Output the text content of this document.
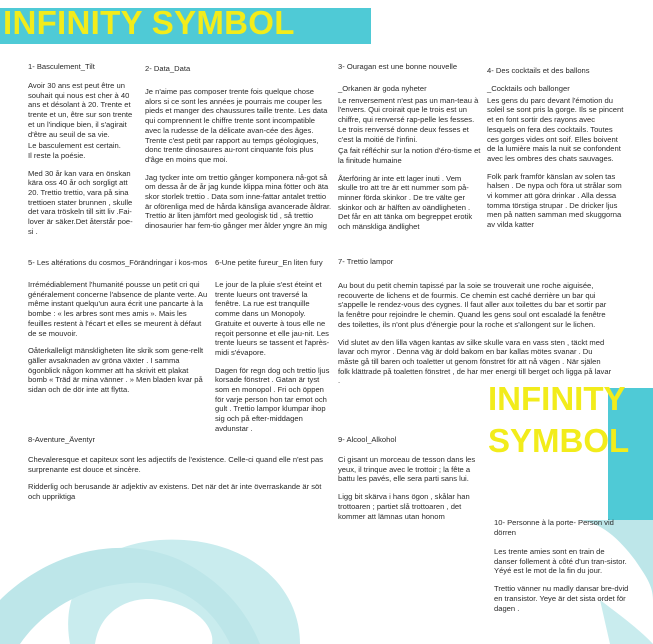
INFINITY SYMBOL
1- Basculement_Tilt

Avoir 30 ans est peut être un souhait qui nous est cher à 40 ans et désolant à 20. Trente et trente et un, être sur son trente et un l'indique bien, il s'agirait d'être au seuil de sa vie.

Le basculement est certain.

Il reste la poésie.

Med 30 år kan vara en önskan kära oss 40 år och sorgligt att 20. Trettio trettio, vara på sina trettioen stater brunnen , skulle det vara tröskeln till sitt liv .Fai-lover är säker.Det återstår poe-si .

2- Data_Data

Je n'aime pas composer trente fois quelque chose alors si ce sont les années je pourrais me couper les pieds et manger des chaussures taille trente. Les data qui comprennent le chiffre trente sont incompatible avec la rudesse de la délicate avan-cée des âges. Trente c'est petit par rapport au temps géologiques, donc trente dinosaures au-ront cinquante fois plus d'âge en moins que moi.

Jag tycker inte om trettio gånger komponera nå-got så om dessa år de år jag kunde klippa mina fötter och äta skor storlek trettio . Data som inne-fattar antalet trettio är oförenliga med de hårda känsliga avancerade åldrar. Trettio är liten jämfört med geologisk tid , så trettio dinosaurier har fem-tio gånger mer ålder yngre än mig

3- Ouragan est une bonne nouvelle

_Orkanen är goda nyheter

Le renversement n'est pas un man-teau à l'envers. Qui croirait que le trois est un chiffre, qui renversé rap-pelle les fesses. Le trois renversé donne deux fesses et c'est la moitié de l'infini.

Ça fait réfléchir sur la notion d'éro-tisme et la finitude humaine

Återföring är inte ett lager inuti . Vem skulle tro att tre är ett nummer som på-minner förda skinkor . De tre välte ger skinkor och är hälften av oändligheten . Det får en att tänka om begreppet erotik och mänskliga ändlighet

4- Des cocktails et des ballons

_Cocktails och ballonger

Les gens du parc devant l'émotion du soleil se sont pris la gorge. Ils se pincent et en font sortir des rayons avec lesquels on fera des cocktails. Toutes ces gorges vides ont soif. Elles boivent de la lumière mais la nuit se confondent avec les ombres des chats sauvages.

Folk park framför känslan av solen tas halsen . De nypa och föra ut strålar som vi kommer att göra drinkar . Alla dessa tomma törstiga strupar . De dricker ljus men på natten samman med skuggorna av vilda katter

5- Les altérations du cosmos_Förändringar i kos-mos

Irrémédiablement l'humanité pousse un petit cri qui généralement concerne l'absence de plante verte. Au même instant quelqu'un aura écrit une pancarte à la bombe : « les arbres sont mes amis ». Mais les feuilles restent à l'écart et elles se meurent à défaut de se mouvoir.

Oåterkalleligt mänskligheten lite skrik som gene-rellt gäller avsaknaden av gröna växter . I samma ögonblick någon kommer att ha skrivit ett plakat bomb « Träd är mina vänner . » Men bladen kvar på sidan och de dör inte att flytta.

6-Une petite fureur_En liten fury

Le jour de la pluie s'est éteint et trente lueurs ont traversé la fenêtre. La rue est tranquille comme dans un Monopoly. Gratuite et ouverte à tous elle ne reçoit personne et elle jau-nit. Les trente lueurs se tassent et l'après-midi s'évapore.

Dagen för regn dog och trettio ljus korsade fönstret . Gatan är tyst som en monopol . Fri och öppen för varje person hon tar emot och gult . Trettio lampor klumpar ihop sig och på efter-middagen avdunstar .

7- Trettio lampor

Au bout du petit chemin tapissé par la soie se trouverait une roche aiguisée, recouverte de lichens et de fourmis. Ce chemin est caché derrière un bar qui s'appelle le rendez-vous des cygnes. Il faut aller aux toilettes du bar et sortir par la fenêtre pour rejoindre le chemin. Quand les gens soul ont escaladé la fenêtre des toilettes, ils n'ont plus d'énergie pour la roche et s'allongent sur le lichen.

Vid slutet av den lilla vägen kantas av silke skulle vara en vass sten , täckt med lavar och myror . Denna väg är dold bakom en bar kallas mötes svanar . Du måste gå till baren och toaletter ut genom fönstret för att nå vägen . När själen folk klättrade på toaletten fönstret , de har mer energi till berget och ligga på lavar .	INFINITY
SYMBOL
8-Aventure_Äventyr

Chevaleresque et capiteux sont les adjectifs de l'existence. Celle-ci quand elle n'est pas surprenante est douce et sincère.

Ridderlig och berusande är adjektiv av existens. Det när det är inte överraskande är söt och uppriktiga

9- Alcool_Alkohol

Ci gisant un morceau de tesson dans les yeux, il trinque avec le trottoir ; la fête a battu les pavés, elle sera parti sans lui.

Ligg bit skärva i hans ögon , skålar han trottoaren ; partiet slå trottoaren , det kommer att lämnas utan honom

10- Personne à la porte- Person vid dörren

Les trente amies sont en train de danser follement à côté d'un tran-sistor. Yéyé est le mot de la fin du jour.

Trettio vänner nu madly dansar bre-dvid en transistor. Yeye är det sista ordet för dagen .
